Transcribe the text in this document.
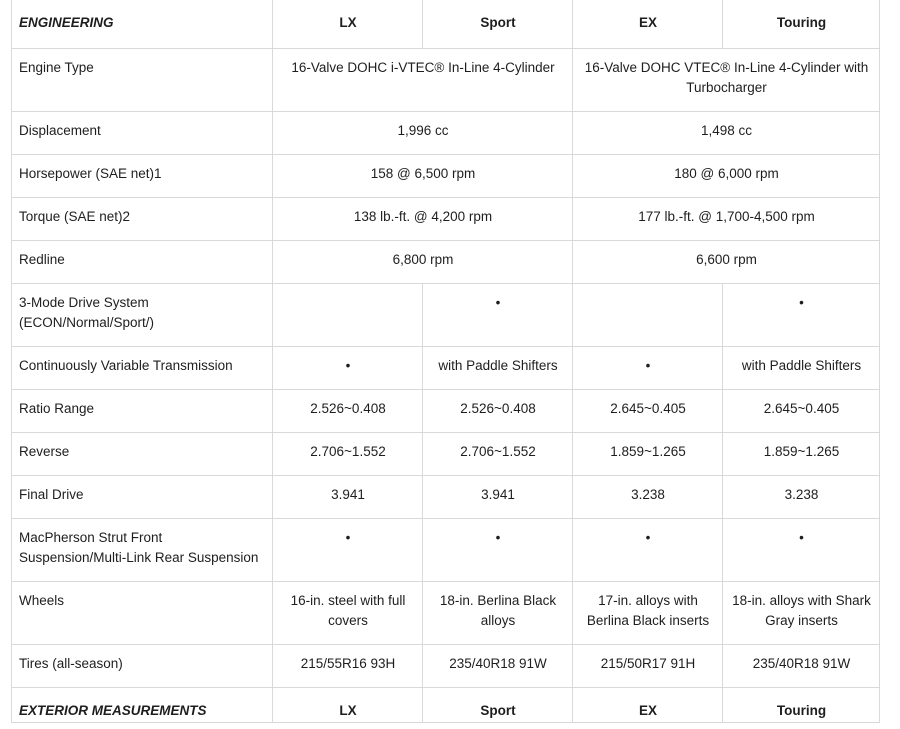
ENGINEERING	LX	Sport	EX	Touring
Engine Type	16-Valve DOHC i-VTEC® In-Line 4-Cylinder		16-Valve DOHC VTEC® In-Line 4-Cylinder with Turbocharger	
Displacement	1,996 cc		1,498 cc	
Horsepower (SAE net)1	158 @ 6,500 rpm		180 @ 6,000 rpm	
Torque (SAE net)2	138 lb.-ft. @ 4,200 rpm		177 lb.-ft. @ 1,700-4,500 rpm	
Redline	6,800 rpm		6,600 rpm	
3-Mode Drive System (ECON/Normal/Sport/)		•		•
Continuously Variable Transmission	•	with Paddle Shifters	•	with Paddle Shifters
Ratio Range	2.526~0.408	2.526~0.408	2.645~0.405	2.645~0.405
Reverse	2.706~1.552	2.706~1.552	1.859~1.265	1.859~1.265
Final Drive	3.941	3.941	3.238	3.238
MacPherson Strut Front Suspension/Multi-Link Rear Suspension	•	•	•	•
Wheels	16-in. steel with full covers	18-in. Berlina Black alloys	17-in. alloys with Berlina Black inserts	18-in. alloys with Shark Gray inserts
Tires (all-season)	215/55R16 93H	235/40R18 91W	215/50R17 91H	235/40R18 91W
EXTERIOR MEASUREMENTS	LX	Sport	EX	Touring
